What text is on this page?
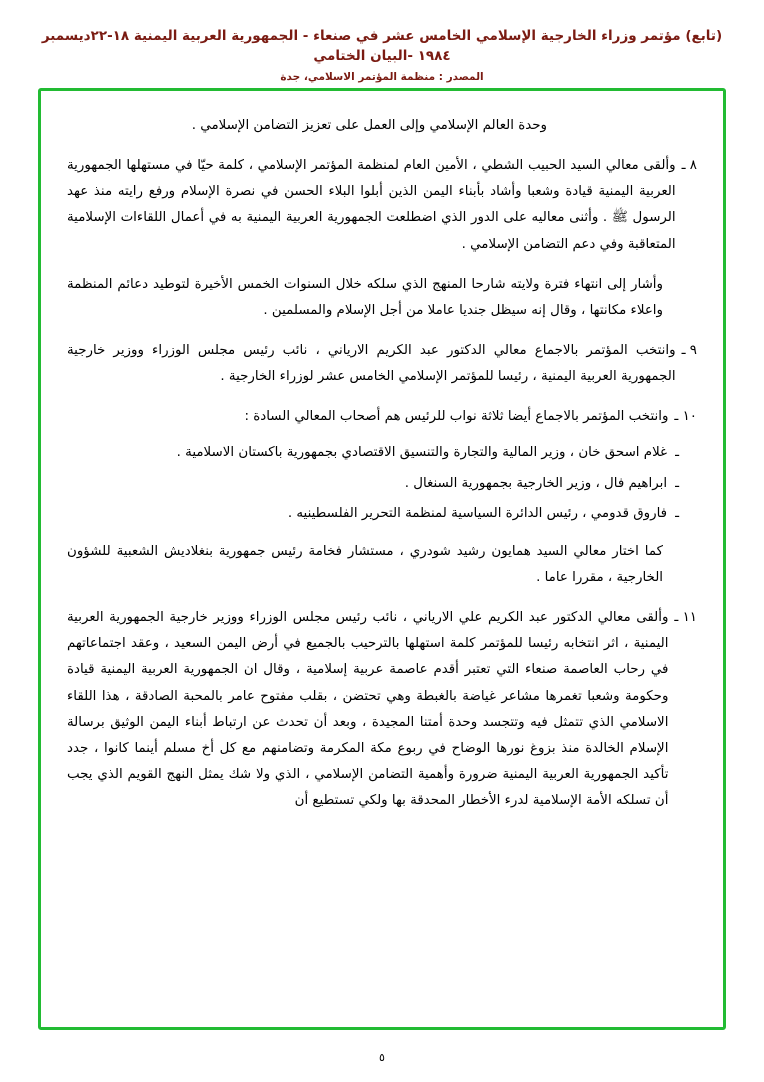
(تابع) مؤتمر وزراء الخارجية الإسلامي الخامس عشر في صنعاء - الجمهورية العربية اليمنية ١٨-٢٢ديسمبر ١٩٨٤ -البيان الختامي
المصدر : منظمة المؤتمر الاسلامي، جدة
وحدة العالم الإسلامي وإلى العمل على تعزيز التضامن الإسلامي .
٨ ـ
وألقى معالي السيد الحبيب الشطي ، الأمين العام لمنظمة المؤتمر الإسلامي ، كلمة حيّا في مستهلها الجمهورية العربية اليمنية قيادة وشعبا وأشاد بأبناء اليمن الذين أبلوا البلاء الحسن في نصرة الإسلام ورفع رايته منذ عهد الرسول ﷺ . وأثنى معاليه على الدور الذي اضطلعت الجمهورية العربية اليمنية به في أعمال اللقاءات الإسلامية المتعاقبة وفي دعم التضامن الإسلامي .
وأشار إلى انتهاء فترة ولايته شارحا المنهج الذي سلكه خلال السنوات الخمس الأخيرة لتوطيد دعائم المنظمة واعلاء مكانتها ، وقال إنه سيظل جنديا عاملا من أجل الإسلام والمسلمين .
٩ ـ
وانتخب المؤتمر بالاجماع معالي الدكتور عبد الكريم الارياني ، نائب رئيس مجلس الوزراء ووزير خارجية الجمهورية العربية اليمنية ، رئيسا للمؤتمر الإسلامي الخامس عشر لوزراء الخارجية .
١٠ ـ
وانتخب المؤتمر بالاجماع أيضا ثلاثة نواب للرئيس هم أصحاب المعالي السادة :
ـ
غلام اسحق خان ، وزير المالية والتجارة والتنسيق الاقتصادي بجمهورية باكستان الاسلامية .
ـ
ابراهيم فال ، وزير الخارجية بجمهورية السنغال .
ـ
فاروق قدومي ، رئيس الدائرة السياسية لمنظمة التحرير الفلسطينيه .
كما اختار معالي السيد همايون رشيد شودري ، مستشار فخامة رئيس جمهورية بنغلاديش الشعبية للشؤون الخارجية ، مقررا عاما .
١١ ـ
وألقى معالي الدكتور عبد الكريم علي الارياني ، نائب رئيس مجلس الوزراء ووزير خارجية الجمهورية العربية اليمنية ، اثر انتخابه رئيسا للمؤتمر كلمة استهلها بالترحيب بالجميع في أرض اليمن السعيد ، وعقد اجتماعاتهم في رحاب العاصمة صنعاء التي تعتبر أقدم عاصمة عربية إسلامية ، وقال ان الجمهورية العربية اليمنية قيادة وحكومة وشعبا تغمرها مشاعر غياضة بالغبطة وهي تحتضن ، بقلب مفتوح عامر بالمحبة الصادقة ، هذا اللقاء الاسلامي الذي تتمثل فيه وتتجسد وحدة أمتنا المجيدة ، وبعد أن تحدث عن ارتباط أبناء اليمن الوثيق برسالة الإسلام الخالدة منذ بزوغ نورها الوضاح في ربوع مكة المكرمة وتضامنهم مع كل أخ مسلم أينما كانوا ، جدد تأكيد الجمهورية العربية اليمنية ضرورة وأهمية التضامن الإسلامي ، الذي ولا شك يمثل النهج القويم الذي يجب أن تسلكه الأمة الإسلامية لدرء الأخطار المحدقة بها ولكي تستطيع أن
٥
